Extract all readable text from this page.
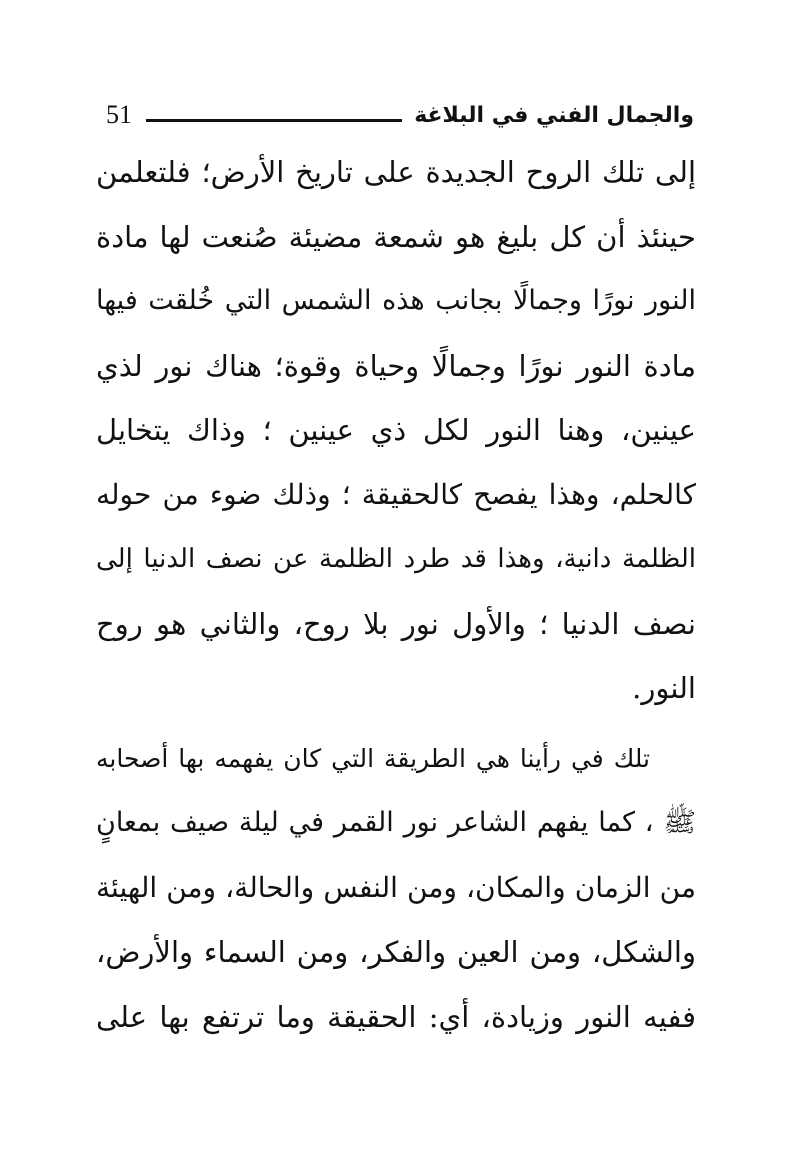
51	والجمال الفني في البلاغة
إلى تلك الروح الجديدة على تاريخ الأرض؛ فلتعلمن
حينئذ أن كل بليغ هو شمعة مضيئة صُنعت لها مادة
النور نورًا وجمالًا بجانب هذه الشمس التي خُلقت فيها
مادة النور نورًا وجمالًا وحياة وقوة؛ هناك نور لذي
عينين، وهنا النور لكل ذي عينين ؛ وذاك يتخايل
كالحلم، وهذا يفصح كالحقيقة ؛ وذلك ضوء من حوله
الظلمة دانية، وهذا قد طرد الظلمة عن نصف الدنيا إلى
نصف الدنيا ؛ والأول نور بلا روح، والثاني هو روح
النور.
تلك في رأينا هي الطريقة التي كان يفهمه بها أصحابه
ﷺ ، كما يفهم الشاعر نور القمر في ليلة صيف بمعانٍ
من الزمان والمكان، ومن النفس والحالة، ومن الهيئة
والشكل، ومن العين والفكر، ومن السماء والأرض،
ففيه النور وزيادة، أي: الحقيقة وما ترتفع بها على
